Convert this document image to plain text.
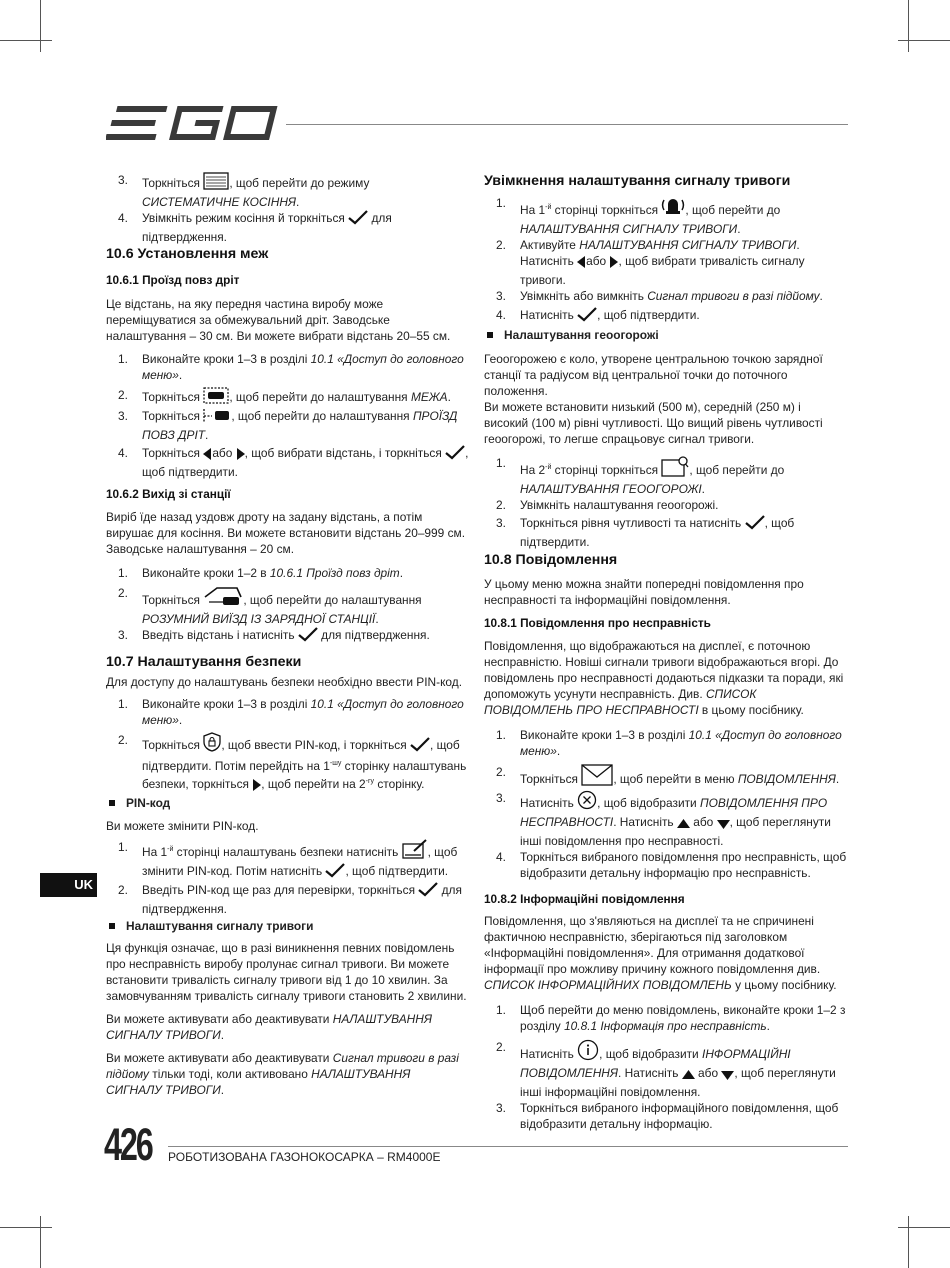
3. Торкніться , щоб перейти до режиму СИСТЕМАТИЧНЕ КОСІННЯ.
4. Увімкніть режим косіння й торкніться  для підтвердження.
10.6 Установлення меж
10.6.1 Проїзд повз дріт
Це відстань, на яку передня частина виробу може переміщуватися за обмежувальний дріт. Заводське налаштування – 30 см. Ви можете вибрати відстань 20–55 см.
1. Виконайте кроки 1–3 в розділі 10.1 «Доступ до головного меню».
2. Торкніться , щоб перейти до налаштування МЕЖА.
3. Торкніться , щоб перейти до налаштування ПРОЇЗД ПОВЗ ДРІТ.
4. Торкніться або , щоб вибрати відстань, і торкніться , щоб підтвердити.
10.6.2 Вихід зі станції
Виріб їде назад уздовж дроту на задану відстань, а потім вирушає для косіння. Ви можете встановити відстань 20–999 см. Заводське налаштування – 20 см.
1. Виконайте кроки 1–2 в 10.6.1 Проїзд повз дріт.
2. Торкніться	, щоб перейти до налаштування РОЗУМНИЙ ВИЇЗД ІЗ ЗАРЯДНОЇ СТАНЦІЇ.
3. Введіть відстань і натисніть  для підтвердження.
10.7 Налаштування безпеки
Для доступу до налаштувань безпеки необхідно ввести PIN-код.
1. Виконайте кроки 1–3 в розділі 10.1 «Доступ до головного меню».
2. Торкніться , щоб ввести PIN-код, і торкніться , щоб підтвердити. Потім перейдіть на $1^{-шу}$ сторінку налаштувань безпеки, торкніться , щоб перейти на $2^{-гу}$ сторінку.
PIN-код
Ви можете змінити PIN-код.
1. На $1^{-й}$ сторінці налаштувань безпеки натисніть , щоб змінити PIN-код. Потім натисніть , щоб підтвердити.
2. Введіть PIN-код ще раз для перевірки, торкніться  для підтвердження.
Налаштування сигналу тривоги
Ця функція означає, що в разі виникнення певних повідомлень про несправність виробу пролунає сигнал тривоги. Ви можете встановити тривалість сигналу тривоги від 1 до 10 хвилин. За замовчуванням тривалість сигналу тривоги становить 2 хвилини.
Ви можете активувати або деактивувати НАЛАШТУВАННЯ СИГНАЛУ ТРИВОГИ.
Ви можете активувати або деактивувати Сигнал тривоги в разі підйому тільки тоді, коли активовано НАЛАШТУВАННЯ СИГНАЛУ ТРИВОГИ.
Увімкнення налаштування сигналу тривоги
1. На $1^{-й}$ сторінці торкніться , щоб перейти до НАЛАШТУВАННЯ СИГНАЛУ ТРИВОГИ.
2. Активуйте НАЛАШТУВАННЯ СИГНАЛУ ТРИВОГИ. Натисніть або , щоб вибрати тривалість сигналу тривоги.
3. Увімкніть або вимкніть Сигнал тривоги в разі підйому.
4. Натисніть , щоб підтвердити.
Налаштування геоогорожі
Геоогорожею є коло, утворене центральною точкою зарядної станції та радіусом від центральної точки до поточного положення.
Ви можете встановити низький (500 м), середній (250 м) і високий (100 м) рівні чутливості. Що вищий рівень чутливості геоогорожі, то легше спрацьовує сигнал тривоги.
1. На $2^{-й}$ сторінці торкніться , щоб перейти до НАЛАШТУВАННЯ ГЕООГОРОЖІ.
2. Увімкніть налаштування геоогорожі.
3. Торкніться рівня чутливості та натисніть , щоб підтвердити.
10.8 Повідомлення
У цьому меню можна знайти попередні повідомлення про несправності та інформаційні повідомлення.
10.8.1 Повідомлення про несправність
Повідомлення, що відображаються на дисплеї, є поточною несправністю. Новіші сигнали тривоги відображаються вгорі. До повідомлень про несправності додаються підказки та поради, які допоможуть усунути несправність. Див. СПИСОК ПОВІДОМЛЕНЬ ПРО НЕСПРАВНОСТІ в цьому посібнику.
1. Виконайте кроки 1–3 в розділі 10.1 «Доступ до головного меню».
2. Торкніться	, щоб перейти в меню ПОВІДОМЛЕННЯ.
3. Натисніть , щоб відобразити ПОВІДОМЛЕННЯ ПРО НЕСПРАВНОСТІ. Натисніть  або , щоб переглянути інші повідомлення про несправності.
4. Торкніться вибраного повідомлення про несправність, щоб відобразити детальну інформацію про несправність.
10.8.2 Інформаційні повідомлення
Повідомлення, що з'являються на дисплеї та не спричинені фактичною несправністю, зберігаються під заголовком «Інформаційні повідомлення». Для отримання додаткової інформації про можливу причину кожного повідомлення див. СПИСОК ІНФОРМАЦІЙНИХ ПОВІДОМЛЕНЬ у цьому посібнику.
1. Щоб перейти до меню повідомлень, виконайте кроки 1–2 з розділу 10.8.1 Інформація про несправність.
2. Натисніть , щоб відобразити ІНФОРМАЦІЙНІ ПОВІДОМЛЕННЯ. Натисніть  або , щоб переглянути інші інформаційні повідомлення.
3. Торкніться вибраного інформаційного повідомлення, щоб відобразити детальну інформацію.
UK
426 РОБОТИЗОВАНА ГАЗОНОКОСАРКА – RM4000E
